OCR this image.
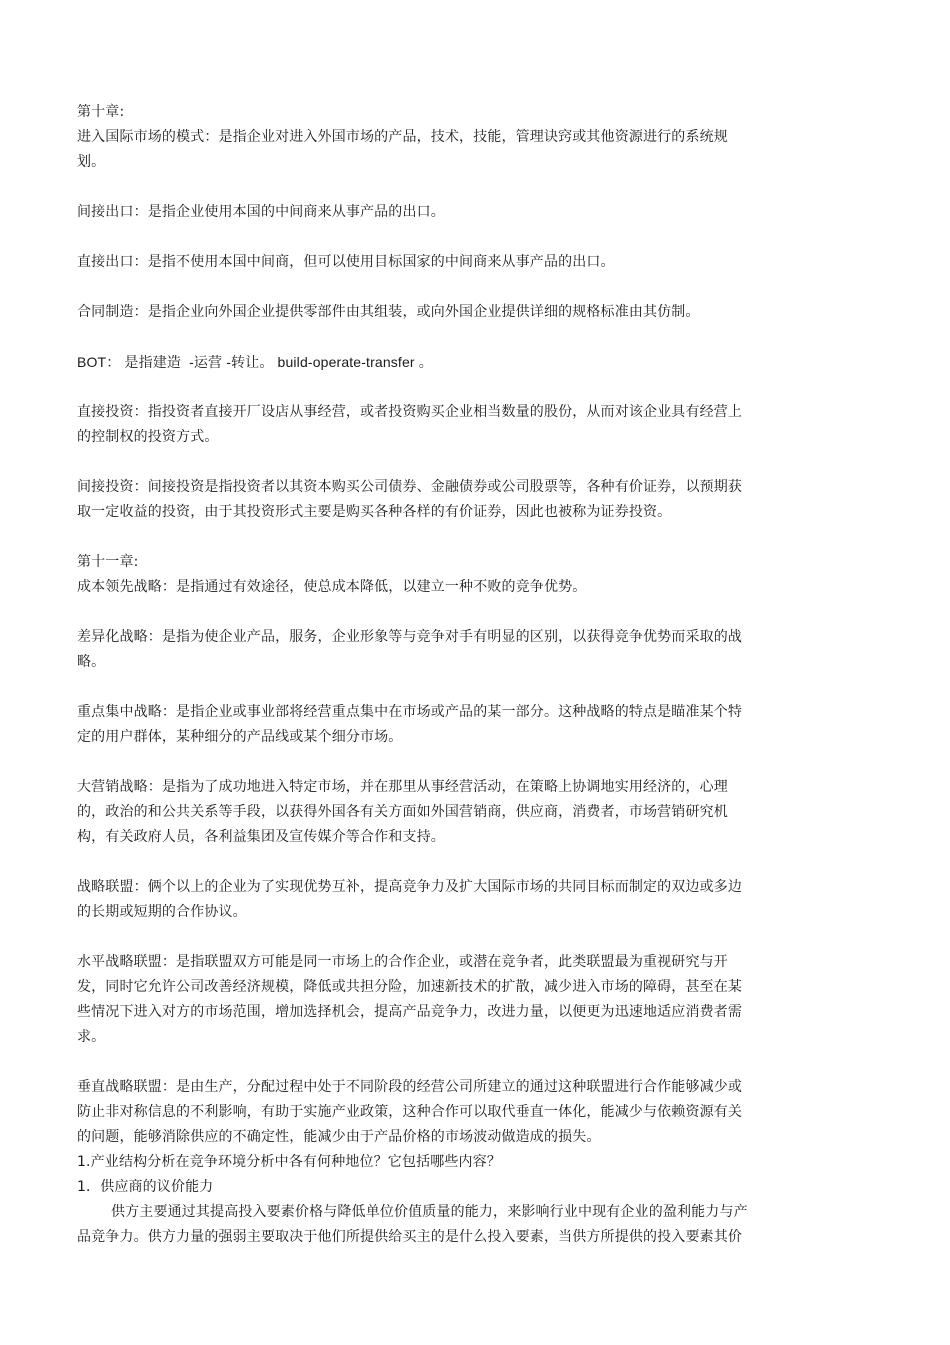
第十章:
进入国际市场的模式：是指企业对进入外国市场的产品，技术，技能，管理诀窍或其他资源进行的系统规
划。
间接出口：是指企业使用本国的中间商来从事产品的出口。
直接出口：是指不使用本国中间商，但可以使用目标国家的中间商来从事产品的出口。
合同制造：是指企业向外国企业提供零部件由其组装，或向外国企业提供详细的规格标准由其仿制。
BOT： 是指建造  -运营 -转让。 build-operate-transfer 。
直接投资：指投资者直接开厂设店从事经营，或者投资购买企业相当数量的股份，从而对该企业具有经营上
的控制权的投资方式。
间接投资：间接投资是指投资者以其资本购买公司债券、金融债券或公司股票等，各种有价证券，以预期获
取一定收益的投资，由于其投资形式主要是购买各种各样的有价证券，因此也被称为证券投资。
第十一章:
成本领先战略：是指通过有效途径，使总成本降低，以建立一种不败的竞争优势。
差异化战略：是指为使企业产品，服务，企业形象等与竞争对手有明显的区别，以获得竞争优势而采取的战
略。
重点集中战略：是指企业或事业部将经营重点集中在市场或产品的某一部分。这种战略的特点是瞄准某个特
定的用户群体，某种细分的产品线或某个细分市场。
大营销战略：是指为了成功地进入特定市场，并在那里从事经营活动，在策略上协调地实用经济的，心理
的，政治的和公共关系等手段，以获得外国各有关方面如外国营销商，供应商，消费者，市场营销研究机
构，有关政府人员，各利益集团及宣传媒介等合作和支持。
战略联盟：俩个以上的企业为了实现优势互补，提高竞争力及扩大国际市场的共同目标而制定的双边或多边
的长期或短期的合作协议。
水平战略联盟：是指联盟双方可能是同一市场上的合作企业，或潜在竞争者，此类联盟最为重视研究与开
发，同时它允许公司改善经济规模，降低或共担分险，加速新技术的扩散，减少进入市场的障碍，甚至在某
些情况下进入对方的市场范围，增加选择机会，提高产品竞争力，改进力量，以便更为迅速地适应消费者需
求。
垂直战略联盟：是由生产，分配过程中处于不同阶段的经营公司所建立的通过这种联盟进行合作能够减少或
防止非对称信息的不利影响，有助于实施产业政策，这种合作可以取代垂直一体化，能减少与依赖资源有关
的问题，能够消除供应的不确定性，能减少由于产品价格的市场波动做造成的损失。
1.产业结构分析在竞争环境分析中各有何种地位？它包括哪些内容？
1．供应商的议价能力
供方主要通过其提高投入要素价格与降低单位价值质量的能力，来影响行业中现有企业的盈利能力与产
品竞争力。供方力量的强弱主要取决于他们所提供给买主的是什么投入要素，当供方所提供的投入要素其价
